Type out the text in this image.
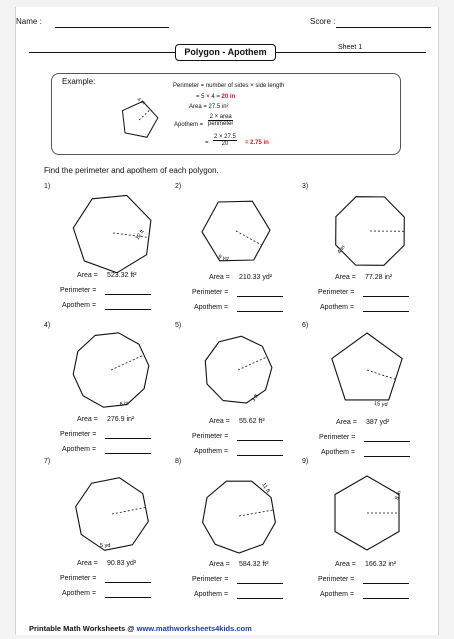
Name :	Score :
Polygon - Apothem	Sheet 1
Example:	Perimeter = number of sides × side length
= 5 × 4 = 20 in
Area = 27.5 in²
Apothem =
2 × area
perimeter
= $\frac{2 \times 27.5}{20} = 2.75$ in
Find the perimeter and apothem of each polygon.
4 in
12 ft
9 yd
4 in
6 in
3 ft
15 yd
5 yd
11 ft
8 in
1)
Area = 523.32 ft²
Perimeter =
Apothem =
2)
Area = 210.33 yd²
Perimeter =
Apothem =
3)
Area = 77.28 in²
Perimeter =
Apothem =
4)
Area = 276.9 in²
Perimeter =
Apothem =
5)
Area = 55.62 ft²
Perimeter =
Apothem =
6)
Area = 387 yd²
Perimeter =
Apothem =
7)
Area = 90.83 yd²
Perimeter =
Apothem =
8)
Area = 584.32 ft²
Perimeter =
Apothem =
9)
Area = 166.32 in²
Perimeter =
Apothem =
Printable Math Worksheets @ www.mathworksheets4kids.com
